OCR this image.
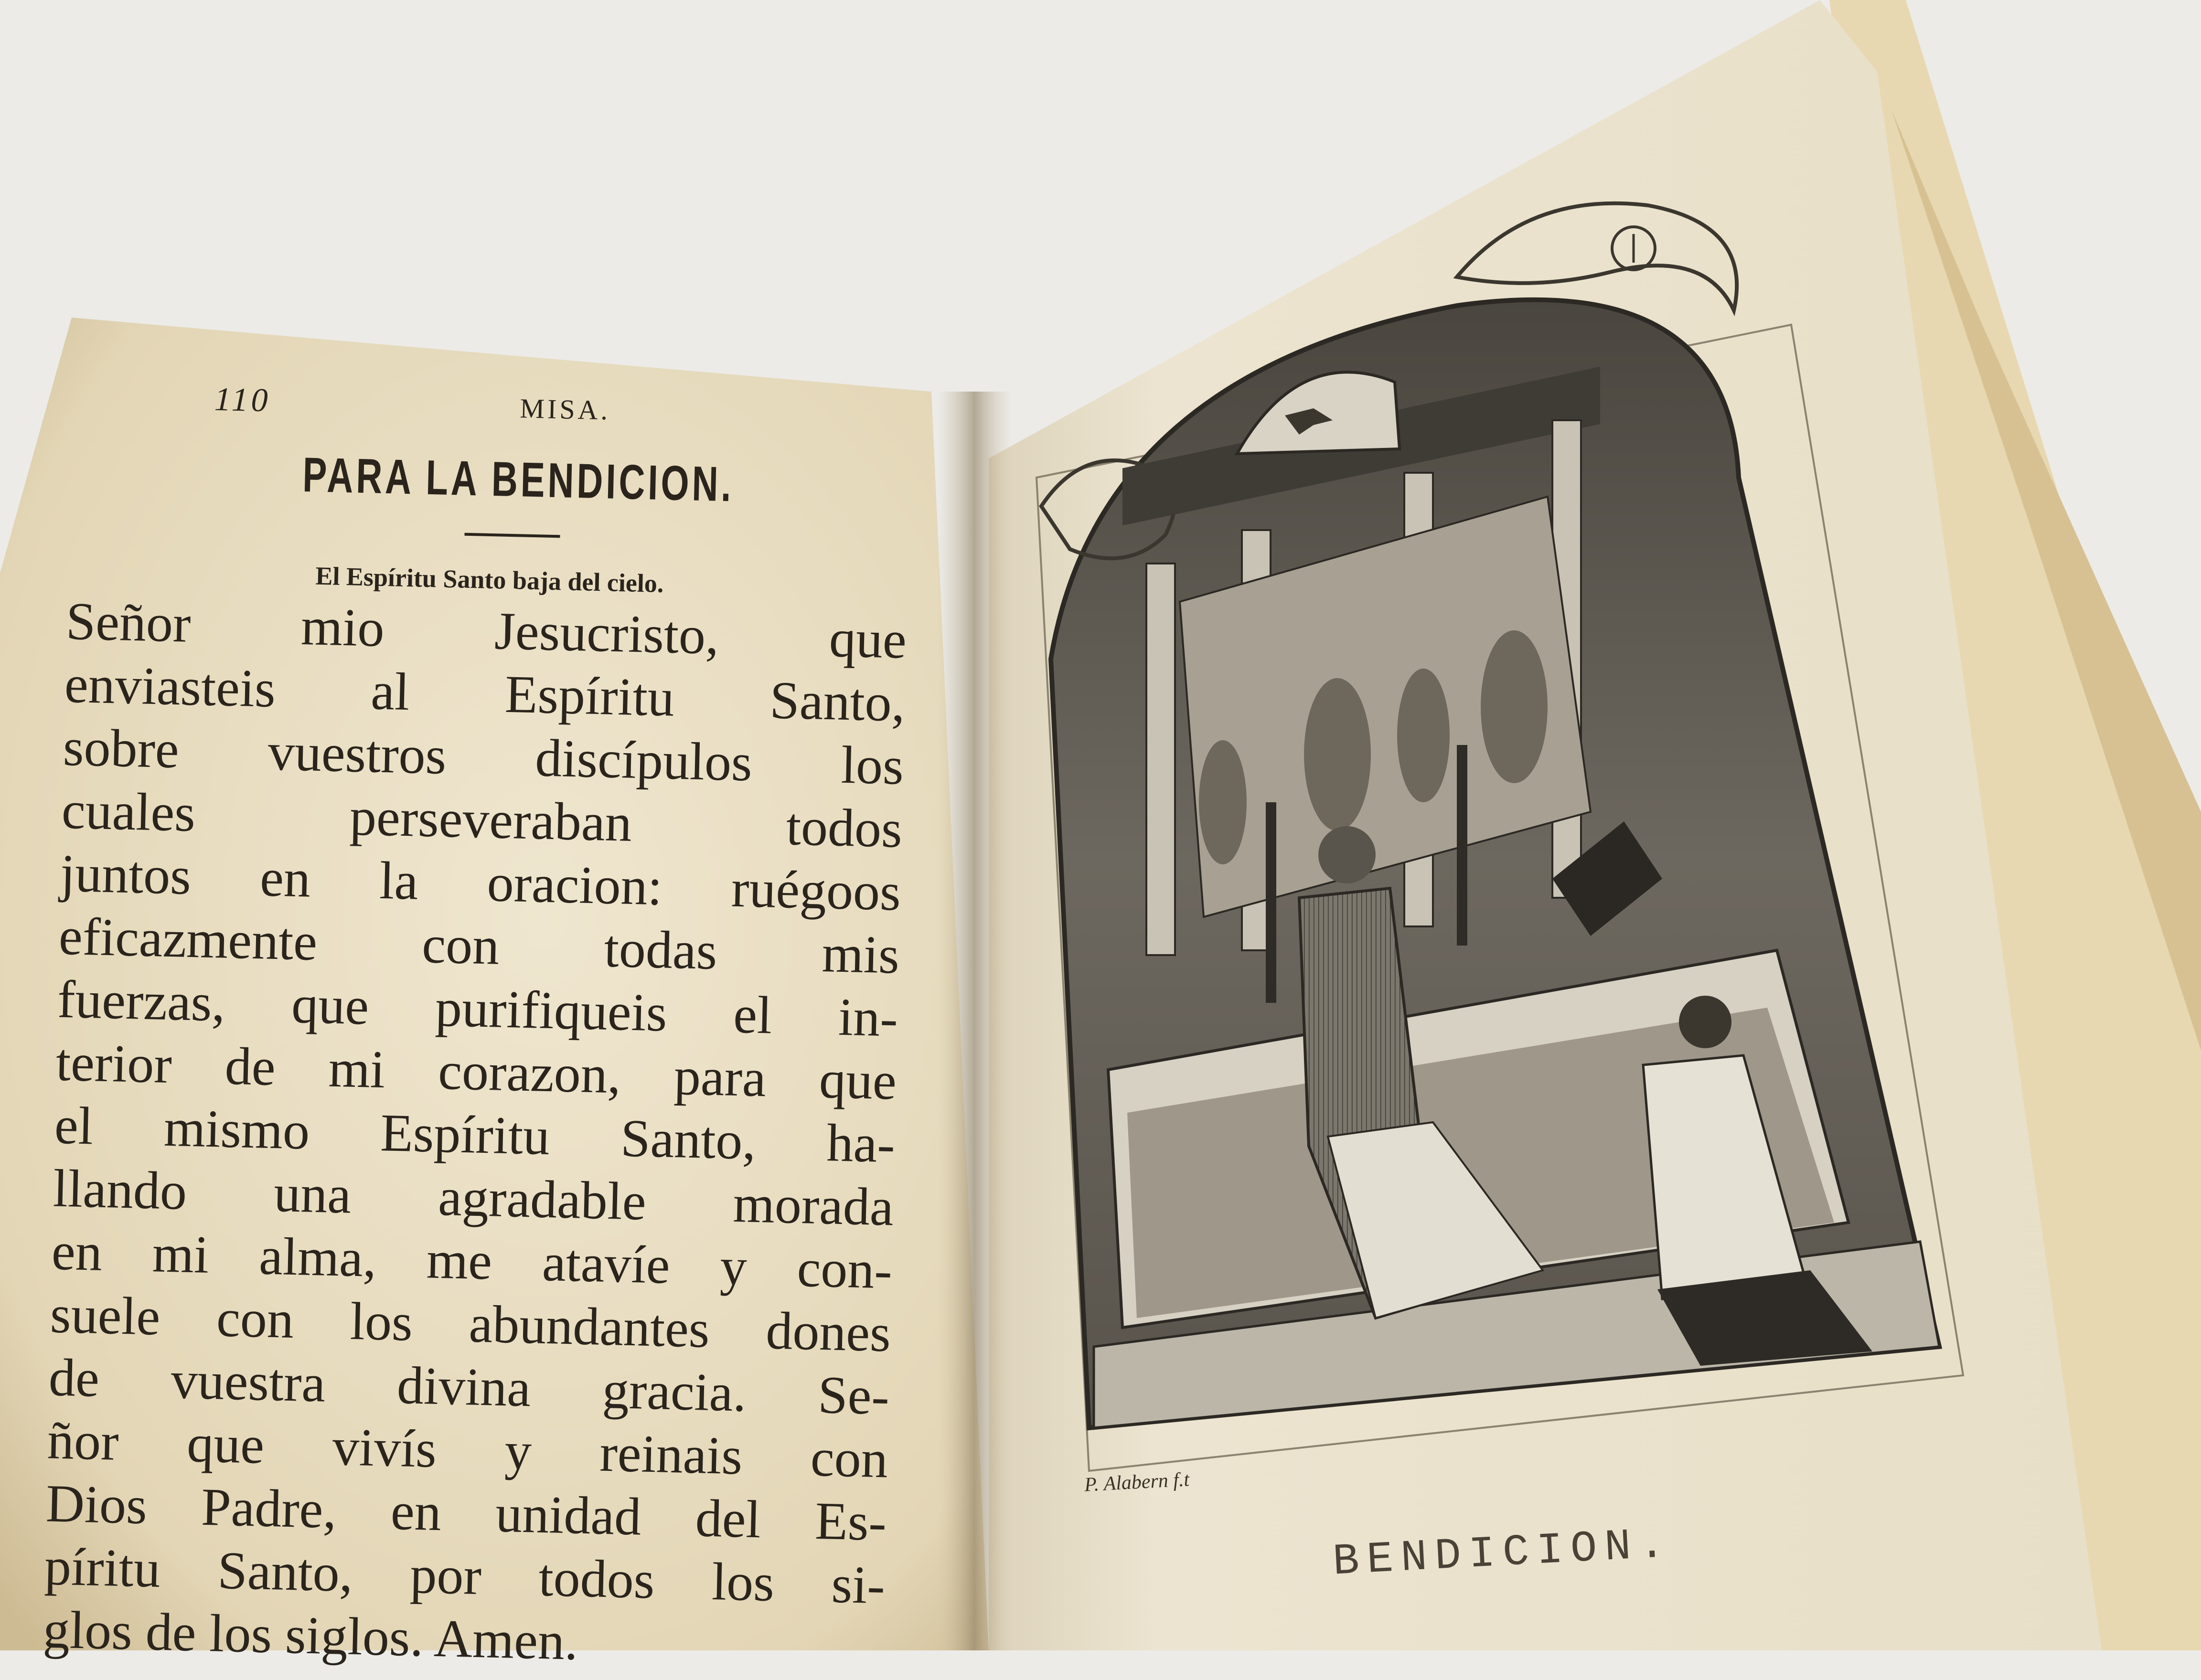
110	MISA.
PARA LA BENDICION.
El Espíritu Santo baja del cielo.
Señor mio Jesucristo, que
enviasteis al Espíritu Santo,
sobre vuestros discípulos los
cuales perseveraban todos
juntos en la oracion: ruégoos
eficazmente con todas mis
fuerzas, que purifiqueis el in-
terior de mi corazon, para que
el mismo Espíritu Santo, ha-
llando una agradable morada
en mi alma, me atavíe y con-
suele con los abundantes dones
de vuestra divina gracia. Se-
ñor que vivís y reinais con
Dios Padre, en unidad del Es-
píritu Santo, por todos los si-
glos de los siglos. Amen.
P. Alabern f.t
BENDICION.
